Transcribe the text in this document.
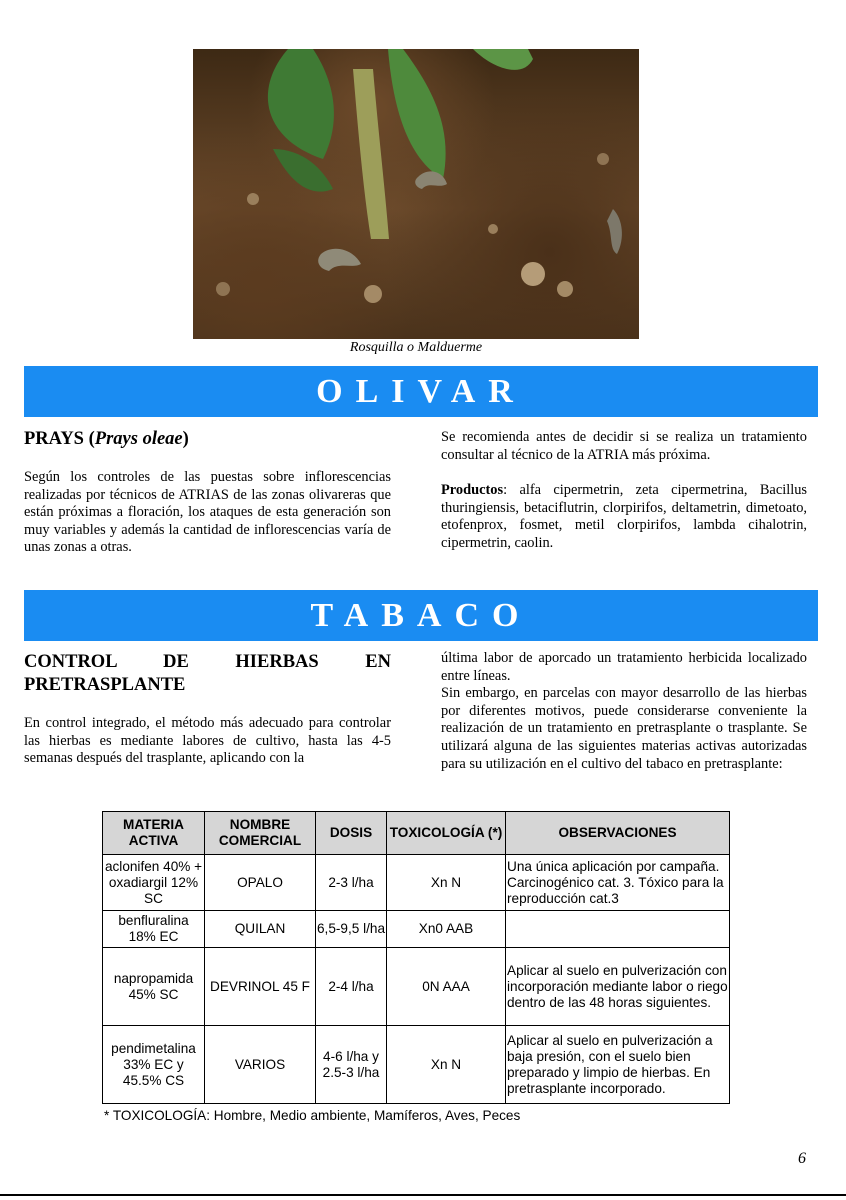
Rosquilla o Malduerme
OLIVAR
PRAYS (Prays oleae)
Según los controles de las puestas sobre inflorescencias realizadas por técnicos de ATRIAS de las zonas olivareras que están próximas a floración, los ataques de esta generación son muy variables y además la cantidad de inflorescencias varía de unas zonas a otras.
Se recomienda antes de decidir si se realiza un tratamiento consultar al técnico de la ATRIA más próxima.
Productos: alfa cipermetrin, zeta cipermetrina, Bacillus thuringiensis, betaciflutrin, clorpirifos, deltametrin, dimetoato, etofenprox, fosmet, metil clorpirifos, lambda cihalotrin, cipermetrin, caolin.
TABACO
CONTROL DE HIERBAS EN
PRETRASPLANTE
En control integrado, el método más adecuado para controlar las hierbas es mediante labores de cultivo, hasta las 4-5 semanas después del trasplante, aplicando con la
última labor de aporcado un tratamiento herbicida localizado entre líneas.
Sin embargo, en parcelas con mayor desarrollo de las hierbas por diferentes motivos, puede considerarse conveniente la realización de un tratamiento en pretrasplante o trasplante. Se utilizará alguna de las siguientes materias activas autorizadas para su utilización en el cultivo del tabaco en pretrasplante:
MATERIA ACTIVA	NOMBRE COMERCIAL	DOSIS	TOXICOLOGÍA (*)	OBSERVACIONES
aclonifen 40% + oxadiargil 12% SC	OPALO	2-3 l/ha	Xn N	Una única aplicación por campaña. Carcinogénico cat. 3. Tóxico para la reproducción cat.3
benfluralina 18% EC	QUILAN	6,5-9,5 l/ha	Xn0 AAB	
napropamida 45% SC	DEVRINOL 45 F	2-4 l/ha	0N AAA	Aplicar al suelo en pulverización con incorporación mediante labor o riego dentro de las 48 horas siguientes.
pendimetalina 33% EC y 45.5% CS	VARIOS	4-6 l/ha y 2.5-3 l/ha	Xn N	Aplicar al suelo en pulverización a baja presión, con el suelo bien preparado y limpio de hierbas. En pretrasplante incorporado.
* TOXICOLOGÍA: Hombre, Medio ambiente, Mamíferos, Aves, Peces
6
